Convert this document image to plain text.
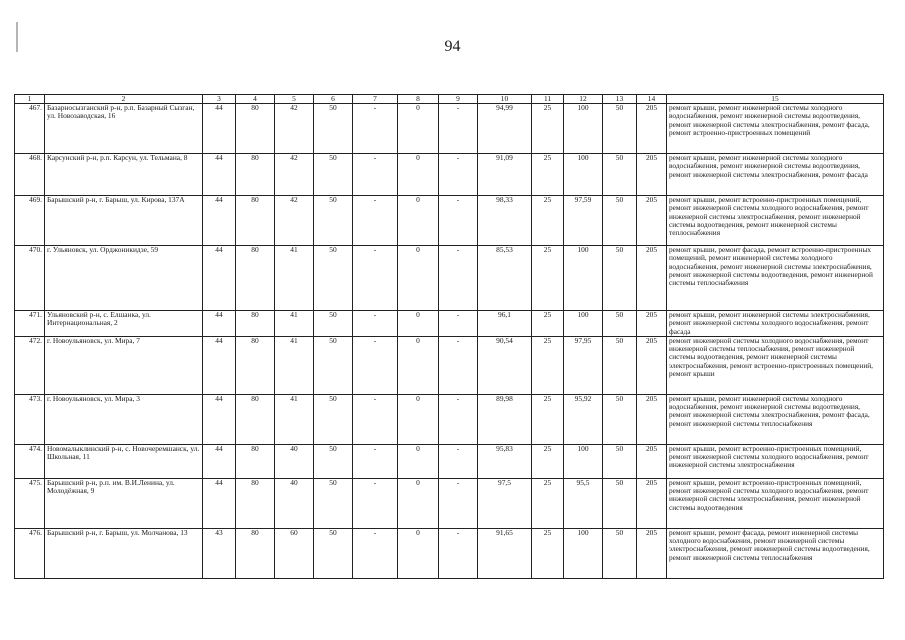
94
1	2	3	4	5	6	7	8	9	10	11	12	13	14	15
467.	Базарносызганский р-н, р.п. Базарный Сызган, ул. Новозаводская, 16	44	80	42	50	-	0	-	94,99	25	100	50	205	ремонт крыши, ремонт инженерной системы холодного водоснабжения, ремонт инженерной системы водоотведения, ремонт инженерной системы электроснабжения, ремонт фасада, ремонт встроенно-пристроенных помещений
468.	Карсунский р-н, р.п. Карсун, ул. Тельмана, 8	44	80	42	50	-	0	-	91,09	25	100	50	205	ремонт крыши, ремонт инженерной системы холодного водоснабжения, ремонт инженерной системы водоотведения, ремонт инженерной системы электроснабжения, ремонт фасада
469.	Барышский р-н, г. Барыш, ул. Кирова, 137А	44	80	42	50	-	0	-	98,33	25	97,59	50	205	ремонт крыши, ремонт встроенно-пристроенных помещений, ремонт инженерной системы холодного водоснабжения, ремонт инженерной системы электроснабжения, ремонт инженерной системы водоотведения, ремонт инженерной системы теплоснабжения
470.	г. Ульяновск, ул. Орджоникидзе, 59	44	80	41	50	-	0	-	85,53	25	100	50	205	ремонт крыши, ремонт фасада, ремонт встроенно-пристроенных помещений, ремонт инженерной системы холодного водоснабжения, ремонт инженерной системы электроснабжения, ремонт инженерной системы водоотведения, ремонт инженерной системы теплоснабжения
471.	Ульяновский р-н, с. Елшанка, ул. Интернациональная, 2	44	80	41	50	-	0	-	96,1	25	100	50	205	ремонт крыши, ремонт инженерной системы электроснабжения, ремонт инженерной системы холодного водоснабжения, ремонт фасада
472.	г. Новоульяновск, ул. Мира, 7	44	80	41	50	-	0	-	90,54	25	97,95	50	205	ремонт инженерной системы холодного водоснабжения, ремонт инженерной системы теплоснабжения, ремонт инженерной системы водоотведения, ремонт инженерной системы электроснабжения, ремонт встроенно-пристроенных помещений, ремонт крыши
473.	г. Новоульяновск, ул. Мира, 3	44	80	41	50	-	0	-	89,98	25	95,92	50	205	ремонт крыши, ремонт инженерной системы холодного водоснабжения, ремонт инженерной системы водоотведения, ремонт инженерной системы электроснабжения, ремонт фасада, ремонт инженерной системы теплоснабжения
474.	Новомалыклинский р-н, с. Новочеремшанск, ул. Школьная, 11	44	80	40	50	-	0	-	95,83	25	100	50	205	ремонт крыши, ремонт встроенно-пристроенных помещений, ремонт инженерной системы холодного водоснабжения, ремонт инженерной системы электроснабжения
475.	Барышский р-н, р.п. им. В.И.Ленина, ул. Молодёжная, 9	44	80	40	50	-	0	-	97,5	25	95,5	50	205	ремонт крыши, ремонт встроенно-пристроенных помещений, ремонт инженерной системы холодного водоснабжения, ремонт инженерной системы электроснабжения, ремонт инженерной системы водоотведения
476.	Барышский р-н, г. Барыш, ул. Молчанова, 13	43	80	60	50	-	0	-	91,65	25	100	50	205	ремонт крыши, ремонт фасада, ремонт инженерной системы холодного водоснабжения, ремонт инженерной системы электроснабжения, ремонт инженерной системы водоотведения, ремонт инженерной системы теплоснабжения
